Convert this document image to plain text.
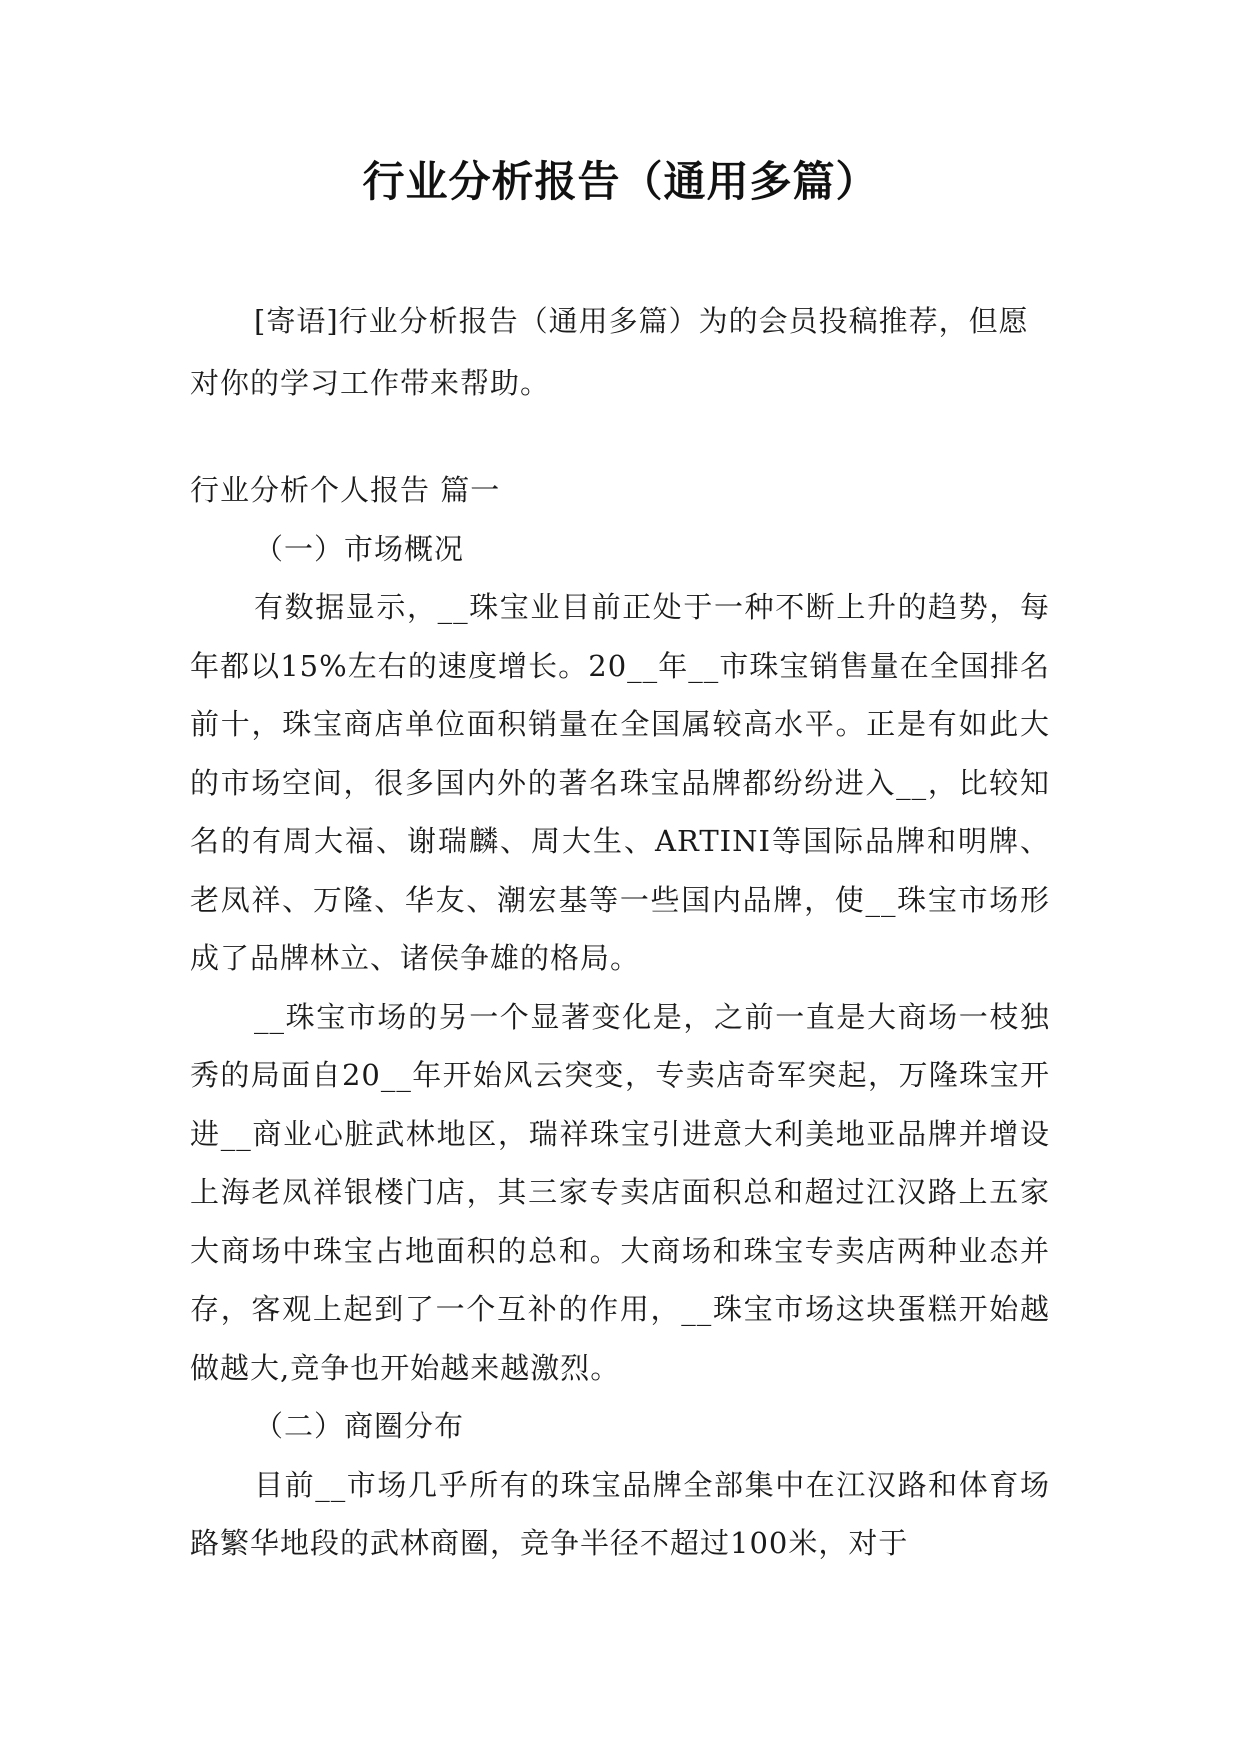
行业分析报告（通用多篇）
[寄语]行业分析报告（通用多篇）为的会员投稿推荐，但愿对你的学习工作带来帮助。

行业分析个人报告 篇一

（一）市场概况

有数据显示，__珠宝业目前正处于一种不断上升的趋势，每年都以15%左右的速度增长。20__年__市珠宝销售量在全国排名前十，珠宝商店单位面积销量在全国属较高水平。正是有如此大的市场空间，很多国内外的著名珠宝品牌都纷纷进入__，比较知名的有周大福、谢瑞麟、周大生、ARTINI等国际品牌和明牌、老凤祥、万隆、华友、潮宏基等一些国内品牌，使__珠宝市场形成了品牌林立、诸侯争雄的格局。

__珠宝市场的另一个显著变化是，之前一直是大商场一枝独秀的局面自20__年开始风云突变，专卖店奇军突起，万隆珠宝开进__商业心脏武林地区，瑞祥珠宝引进意大利美地亚品牌并增设上海老凤祥银楼门店，其三家专卖店面积总和超过江汉路上五家大商场中珠宝占地面积的总和。大商场和珠宝专卖店两种业态并存，客观上起到了一个互补的作用，__珠宝市场这块蛋糕开始越做越大,竞争也开始越来越激烈。

（二）商圈分布

目前__市场几乎所有的珠宝品牌全部集中在江汉路和体育场路繁华地段的武林商圈，竞争半径不超过100米，对于
